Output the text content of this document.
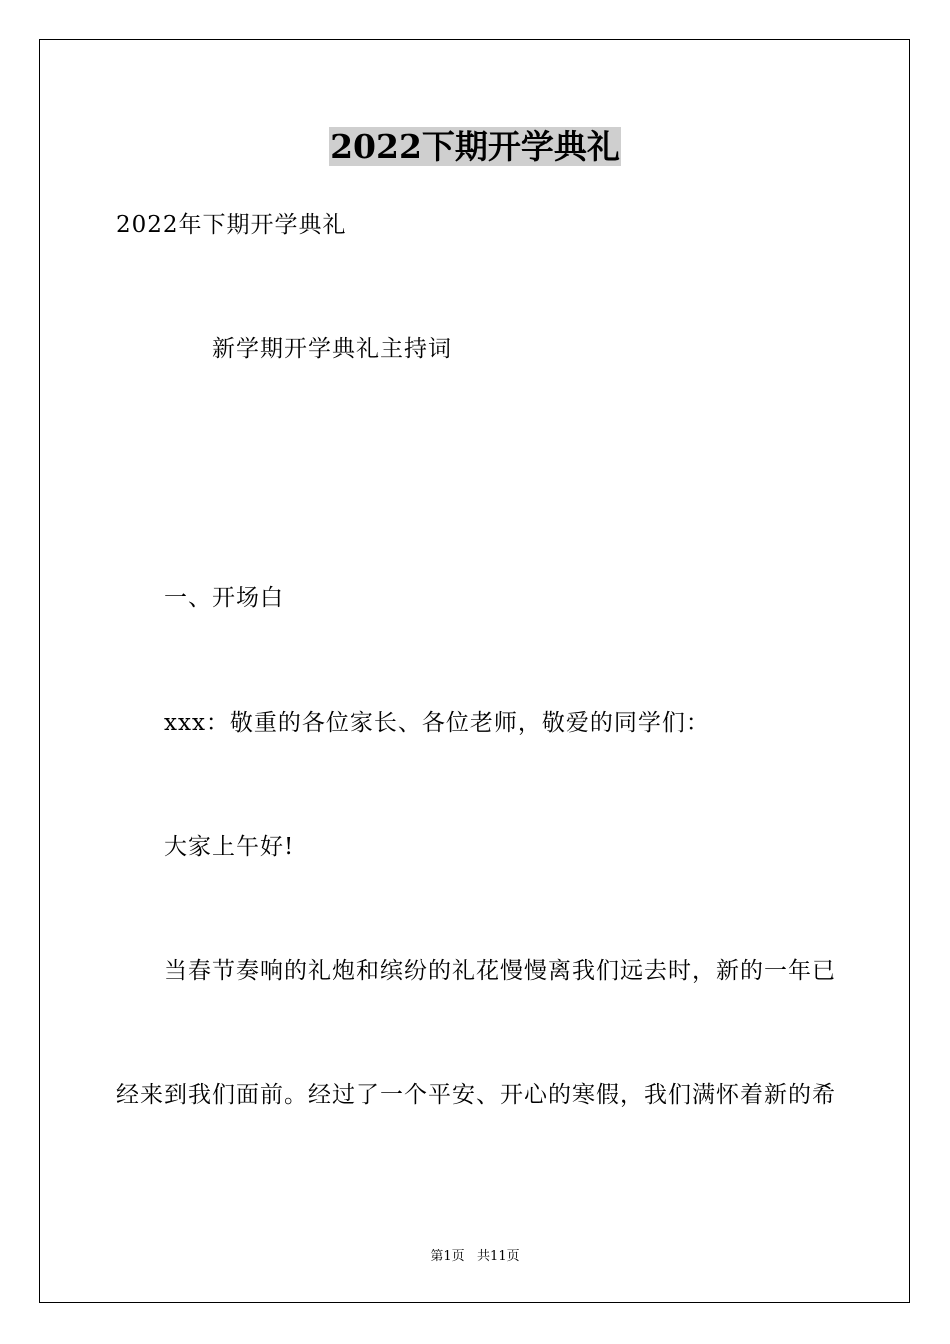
2022下期开学典礼
2022年下期开学典礼
新学期开学典礼主持词
一、开场白
xxx：敬重的各位家长、各位老师，敬爱的同学们：
大家上午好!
当春节奏响的礼炮和缤纷的礼花慢慢离我们远去时，新的一年已
经来到我们面前。经过了一个平安、开心的寒假，我们满怀着新的希
第1页   共11页
